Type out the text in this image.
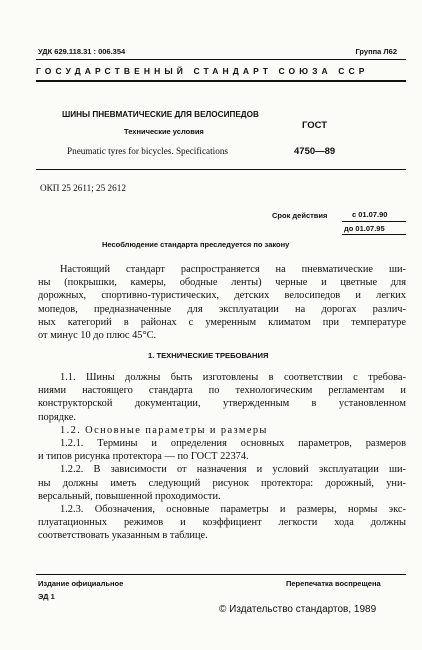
УДК 629.118.31 : 006.354	Группа Л62
ГОСУДАРСТВЕННЫЙ СТАНДАРТ СОЮЗА ССР
ШИНЫ ПНЕВМАТИЧЕСКИЕ ДЛЯ ВЕЛОСИПЕДОВ
Технические условия
Pneumatic tyres for bicycles. Specifications
ГОСТ
4750—89
ОКП 25 2611; 25 2612
Срок действия	с 01.07.90
до 01.07.95
Несоблюдение стандарта преследуется по закону
Настоящий стандарт распространяется на пневматические ши-
ны (покрышки, камеры, ободные ленты) черные и цветные для
дорожных, спортивно-туристических, детских велосипедов и легких
мопедов, предназначенные для эксплуатации на дорогах различ-
ных категорий в районах с умеренным климатом при температуре
от минус 10 до плюс 45°С.
1. ТЕХНИЧЕСКИЕ ТРЕБОВАНИЯ
1.1. Шины должны быть изготовлены в соответствии с требова-
ниями настоящего стандарта по технологическим регламентам и
конструкторской документации, утвержденным в установленном
порядке.
1.2. Основные параметры и размеры
1.2.1. Термины и определения основных параметров, размеров
и типов рисунка протектора — по ГОСТ 22374.
1.2.2. В зависимости от назначения и условий эксплуатации ши-
ны должны иметь следующий рисунок протектора: дорожный, уни-
версальный, повышенной проходимости.
1.2.3. Обозначения, основные параметры и размеры, нормы экс-
плуатационных режимов и коэффициент легкости хода должны
соответствовать указанным в таблице.
Издание официальное	Перепечатка воспрещена
ЭД 1
© Издательство стандартов, 1989
